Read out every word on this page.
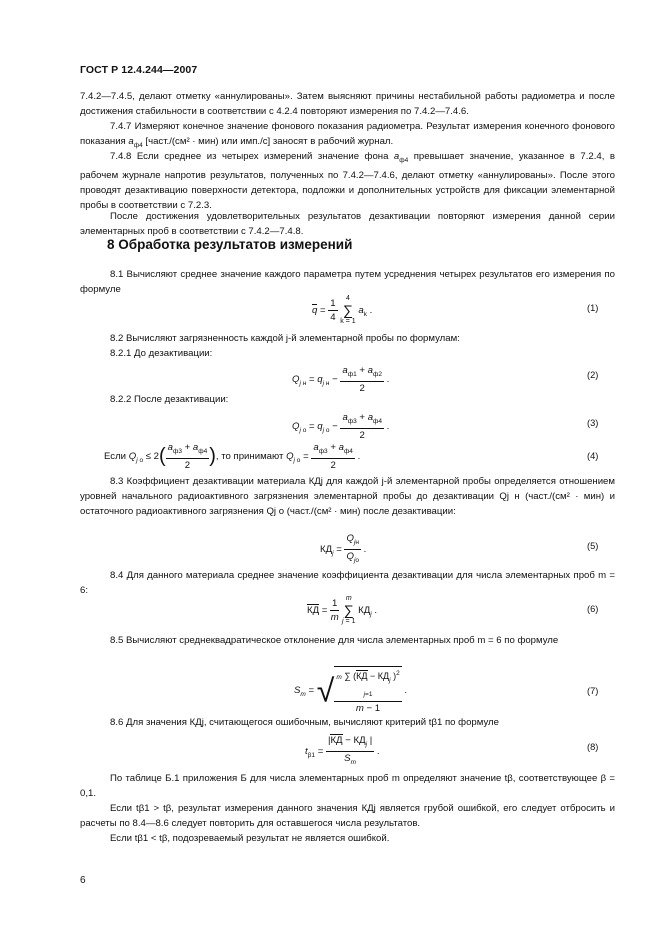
ГОСТ Р 12.4.244—2007
7.4.2—7.4.5, делают отметку «аннулированы». Затем выясняют причины нестабильной работы радиометра и после достижения стабильности в соответствии с 4.2.4 повторяют измерения по 7.4.2—7.4.6.
7.4.7 Измеряют конечное значение фонового показания радиометра. Результат измерения конечного фонового показания $a_{ф4}$ [част./(см² · мин) или имп./с] заносят в рабочий журнал.
7.4.8 Если среднее из четырех измерений значение фона $a_{ф4}$ превышает значение, указанное в 7.2.4, в рабочем журнале напротив результатов, полученных по 7.4.2—7.4.6, делают отметку «аннулированы». После этого проводят дезактивацию поверхности детектора, подложки и дополнительных устройств для фиксации элементарной пробы в соответствии с 7.2.3.
После достижения удовлетворительных результатов дезактивации повторяют измерения данной серии элементарных проб в соответствии с 7.4.2—7.4.8.
8 Обработка результатов измерений
8.1 Вычисляют среднее значение каждого параметра путем усреднения четырех результатов его измерения по формуле
$q = \frac{1}{4} 4$
∑
k = 1 $a_k$ .	(1)
8.2 Вычисляют загрязненность каждой j-й элементарной пробы по формулам:
8.2.1 До дезактивации:
$Q_{j н} = q_{j н}$ −
$a_{ф1} + a_{ф2}$
2
.	(2)
8.2.2 После дезактивации:
$Q_{j о} = q_{j о}$ −
$a_{ф3} + a_{ф4}$
2
.	(3)
Если $Q_{j о} \le 2$( $a_{ф3} + a_{ф4}$
2 ), то принимают $Q_{j о}$ =
$a_{ф3} + a_{ф4}$
2
.	(4)
8.3 Коэффициент дезактивации материала КДj для каждой j-й элементарной пробы определяется отношением уровней начального радиоактивного загрязнения элементарной пробы до дезактивации Qj н (част./(см² · мин) и остаточного радиоактивного загрязнения Qj о (част./(см² · мин) после дезактивации:
$КД_j$ =
$Q_{jн}$
$Q_{jо}$
.	(5)
8.4 Для данного материала среднее значение коэффициента дезактивации для числа элементарных проб m = 6:
КД = $\frac{1}{m}$ m
∑
j = 1 $КД_j$ .	(6)
8.5 Вычисляют среднеквадратическое отклонение для числа элементарных проб m = 6 по формуле
$S_m$ = √ m ∑ ($КД - КД_j$ )$^2$
j=1
m − 1
.	(7)
8.6 Для значения КДj, считающегося ошибочным, вычисляют критерий tβ1 по формуле
$t_{\beta 1}$ =
$|КД - КД_j$ |
$S_m$
.	(8)
По таблице Б.1 приложения Б для числа элементарных проб m определяют значение tβ, соответствующее β = 0,1.
Если tβ1 > tβ, результат измерения данного значения КДj является грубой ошибкой, его следует отбросить и расчеты по 8.4—8.6 следует повторить для оставшегося числа результатов.
Если tβ1 < tβ, подозреваемый результат не является ошибкой.
6
